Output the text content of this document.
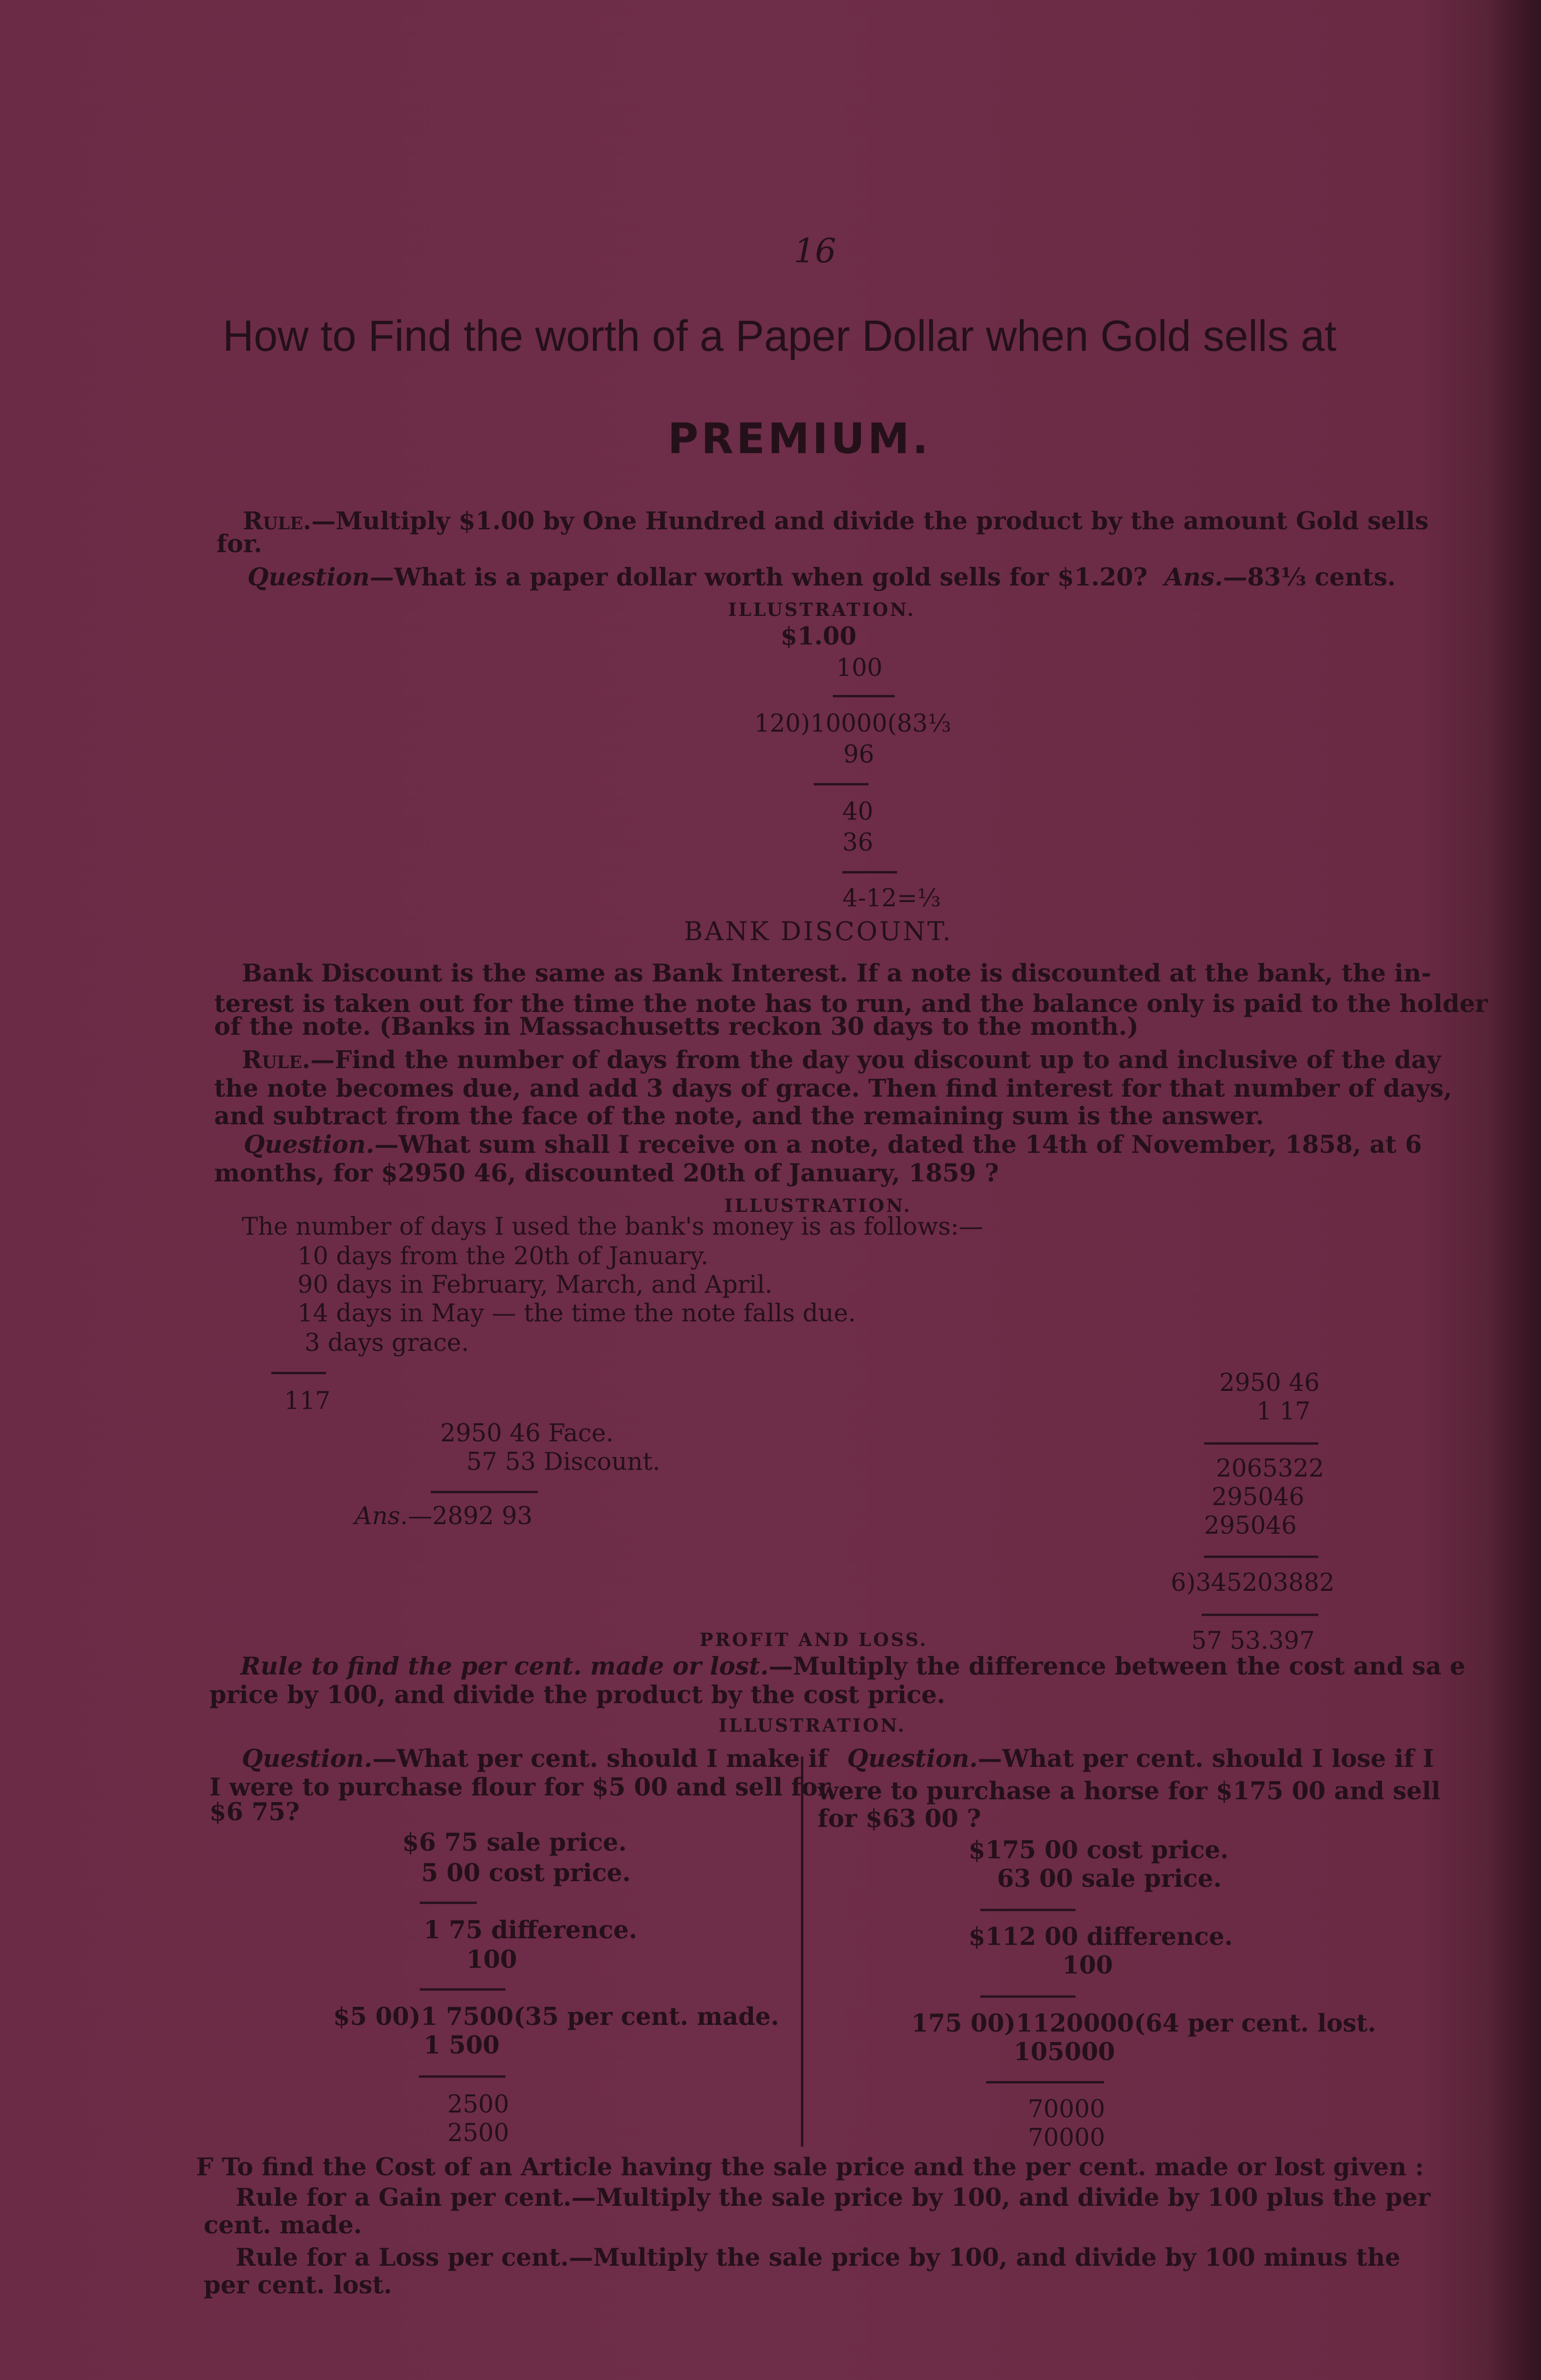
16
How to Find the worth of a Paper Dollar when Gold sells at
PREMIUM.
Rule.—Multiply $1.00 by One Hundred and divide the product by the amount Gold sells
for.
Question—What is a paper dollar worth when gold sells for $1.20? Ans.—83⅓ cents.
ILLUSTRATION.
$1.00
100
120)10000(83⅓
96
40
36
4-12=⅓
BANK DISCOUNT.
Bank Discount is the same as Bank Interest. If a note is discounted at the bank, the in-
terest is taken out for the time the note has to run, and the balance only is paid to the holder
of the note. (Banks in Massachusetts reckon 30 days to the month.)
Rule.—Find the number of days from the day you discount up to and inclusive of the day
the note becomes due, and add 3 days of grace. Then find interest for that number of days,
and subtract from the face of the note, and the remaining sum is the answer.
Question.—What sum shall I receive on a note, dated the 14th of November, 1858, at 6
months, for $2950 46, discounted 20th of January, 1859 ?
ILLUSTRATION.
The number of days I used the bank's money is as follows:—
10 days from the 20th of January.
90 days in February, March, and April.
14 days in May — the time the note falls due.
3 days grace.
117
2950 46 Face.
57 53 Discount.
Ans.—2892 93
2950 46
1 17
2065322
295046
295046
6)345203882
57 53.397
PROFIT AND LOSS.
Rule to find the per cent. made or lost.—Multiply the difference between the cost and sa e
price by 100, and divide the product by the cost price.
ILLUSTRATION.
Question.—What per cent. should I make if
I were to purchase flour for $5 00 and sell for
$6 75?
$6 75 sale price.
5 00 cost price.
1 75 difference.
100
$5 00)1 7500(35 per cent. made.
1 500
2500
2500
Question.—What per cent. should I lose if I
were to purchase a horse for $175 00 and sell
for $63 00 ?
$175 00 cost price.
63 00 sale price.
$112 00 difference.
100
175 00)1120000(64 per cent. lost.
105000
70000
70000
F To find the Cost of an Article having the sale price and the per cent. made or lost given :
Rule for a Gain per cent.—Multiply the sale price by 100, and divide by 100 plus the per
cent. made.
Rule for a Loss per cent.—Multiply the sale price by 100, and divide by 100 minus the
per cent. lost.
